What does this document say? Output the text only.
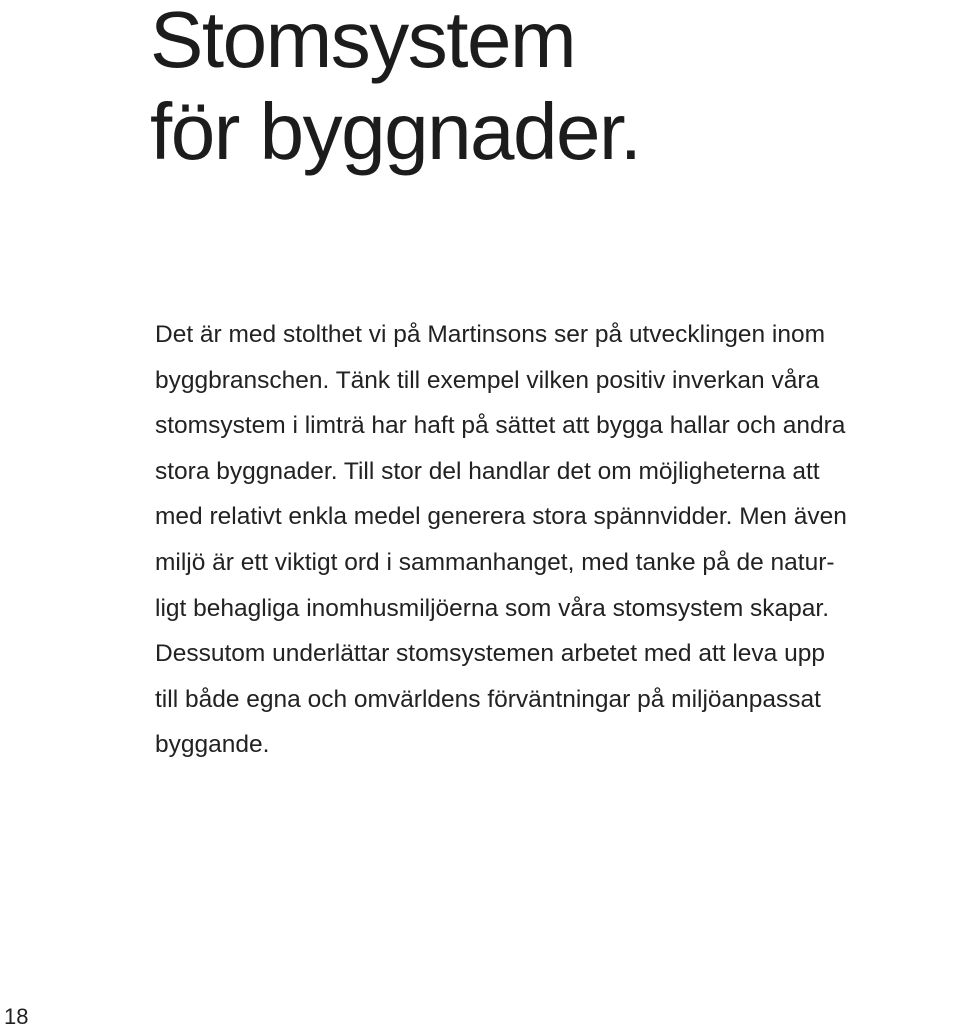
Stomsystem
för byggnader.

Det är med stolthet vi på Martinsons ser på utvecklingen inom
byggbranschen. Tänk till exempel vilken positiv inverkan våra
stomsystem i limträ har haft på sättet att bygga hallar och andra
stora byggnader. Till stor del handlar det om möjligheterna att
med relativt enkla medel generera stora spännvidder. Men även
miljö är ett viktigt ord i sammanhanget, med tanke på de natur-
ligt behagliga inomhusmiljöerna som våra stomsystem skapar.
Dessutom underlättar stomsystemen arbetet med att leva upp
till både egna och omvärldens förväntningar på miljöanpassat
byggande.

18
